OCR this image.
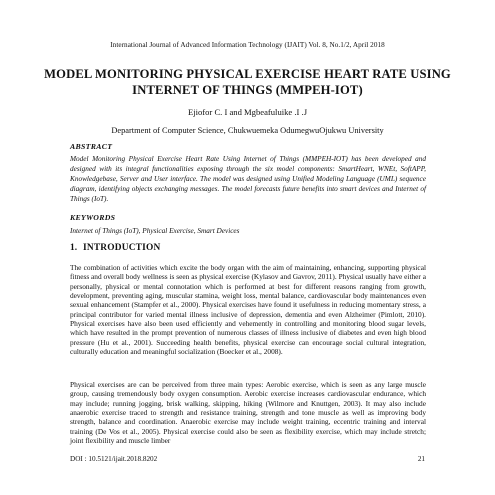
International Journal of Advanced Information Technology (IJAIT) Vol. 8, No.1/2, April 2018
MODEL MONITORING PHYSICAL EXERCISE HEART RATE USING INTERNET OF THINGS (MMPEH-IOT)
Ejiofor C. I and Mgbeafuluike .I .J
Department of Computer Science, Chukwuemeka OdumegwuOjukwu University
ABSTRACT

Model Monitoring Physical Exercise Heart Rate Using Internet of Things (MMPEH-IOT) has been developed and designed with its integral functionalities exposing through the six model components: SmartHeart, WNEt, SoftAPP, Knowledgebase, Server and User interface. The model was designed using Unified Modeling Language (UML) sequence diagram, identifying objects exchanging messages. The model forecasts future benefits into smart devices and Internet of Things (IoT).

KEYWORDS

Internet of Things (IoT), Physical Exercise, Smart Devices

1. INTRODUCTION

The combination of activities which excite the body organ with the aim of maintaining, enhancing, supporting physical fitness and overall body wellness is seen as physical exercise (Kylasov and Gavrov, 2011). Physical usually have either a personally, physical or mental connotation which is performed at best for different reasons ranging from growth, development, preventing aging, muscular stamina, weight loss, mental balance, cardiovascular body maintenances even sexual enhancement (Stampfer et al., 2000). Physical exercises have found it usefulness in reducing momentary stress, a principal contributor for varied mental illness inclusive of depression, dementia and even Alzheimer (Pimlott, 2010). Physical exercises have also been used efficiently and vehemently in controlling and monitoring blood sugar levels, which have resulted in the prompt prevention of numerous classes of illness inclusive of diabetes and even high blood pressure (Hu et al., 2001). Succeeding health benefits, physical exercise can encourage social cultural integration, culturally education and meaningful socialization (Boecker et al., 2008).

Physical exercises are can be perceived from three main types: Aerobic exercise, which is seen as any large muscle group, causing tremendously body oxygen consumption. Aerobic exercise increases cardiovascular endurance, which may include; running jogging, brisk walking, skipping, hiking (Wilmore and Knuttgen, 2003). It may also include anaerobic exercise traced to strength and resistance training, strength and tone muscle as well as improving body strength, balance and coordination. Anaerobic exercise may include weight training, eccentric training and interval training (De Vos et al., 2005). Physical exercise could also be seen as flexibility exercise, which may include stretch; joint flexibility and muscle limber

DOI : 10.5121/ijait.2018.8202	21
